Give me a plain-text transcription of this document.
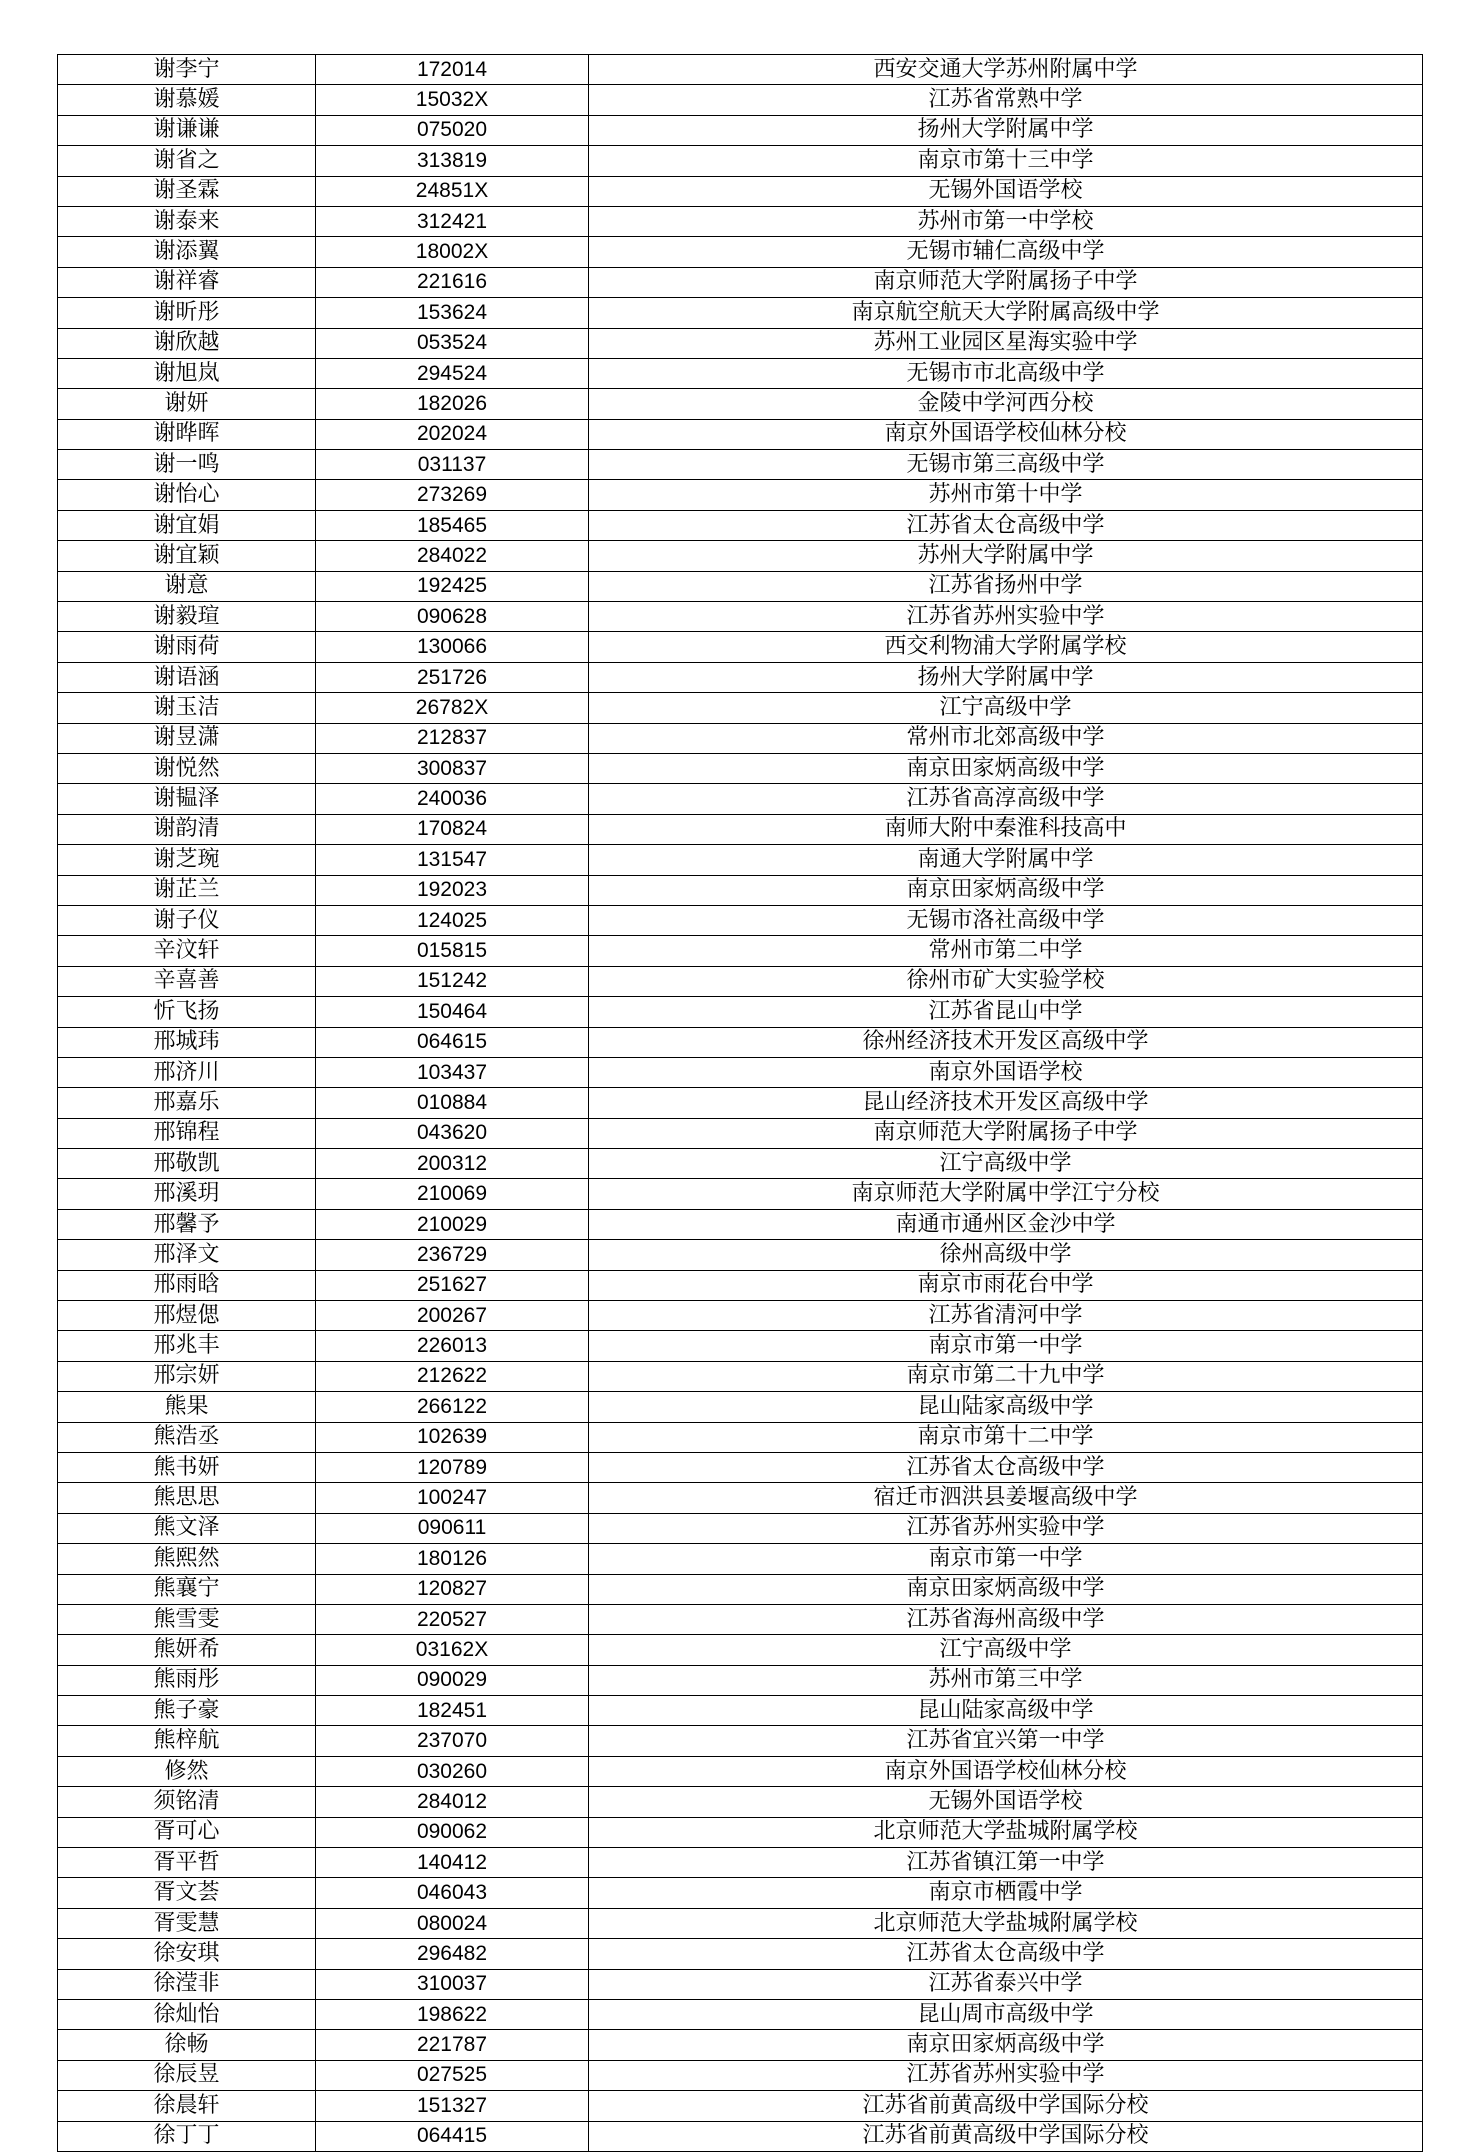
谢李宁	172014	西安交通大学苏州附属中学
谢慕媛	15032X	江苏省常熟中学
谢谦谦	075020	扬州大学附属中学
谢省之	313819	南京市第十三中学
谢圣霖	24851X	无锡外国语学校
谢泰来	312421	苏州市第一中学校
谢添翼	18002X	无锡市辅仁高级中学
谢祥睿	221616	南京师范大学附属扬子中学
谢昕彤	153624	南京航空航天大学附属高级中学
谢欣越	053524	苏州工业园区星海实验中学
谢旭岚	294524	无锡市市北高级中学
谢妍	182026	金陵中学河西分校
谢晔晖	202024	南京外国语学校仙林分校
谢一鸣	031137	无锡市第三高级中学
谢怡心	273269	苏州市第十中学
谢宜娟	185465	江苏省太仓高级中学
谢宜颖	284022	苏州大学附属中学
谢意	192425	江苏省扬州中学
谢毅瑄	090628	江苏省苏州实验中学
谢雨荷	130066	西交利物浦大学附属学校
谢语涵	251726	扬州大学附属中学
谢玉洁	26782X	江宁高级中学
谢昱潇	212837	常州市北郊高级中学
谢悦然	300837	南京田家炳高级中学
谢韫泽	240036	江苏省高淳高级中学
谢韵清	170824	南师大附中秦淮科技高中
谢芝琬	131547	南通大学附属中学
谢芷兰	192023	南京田家炳高级中学
谢子仪	124025	无锡市洛社高级中学
辛汶轩	015815	常州市第二中学
辛喜善	151242	徐州市矿大实验学校
忻飞扬	150464	江苏省昆山中学
邢城玮	064615	徐州经济技术开发区高级中学
邢济川	103437	南京外国语学校
邢嘉乐	010884	昆山经济技术开发区高级中学
邢锦程	043620	南京师范大学附属扬子中学
邢敬凯	200312	江宁高级中学
邢溪玥	210069	南京师范大学附属中学江宁分校
邢馨予	210029	南通市通州区金沙中学
邢泽文	236729	徐州高级中学
邢雨晗	251627	南京市雨花台中学
邢煜偲	200267	江苏省清河中学
邢兆丰	226013	南京市第一中学
邢宗妍	212622	南京市第二十九中学
熊果	266122	昆山陆家高级中学
熊浩丞	102639	南京市第十二中学
熊书妍	120789	江苏省太仓高级中学
熊思思	100247	宿迁市泗洪县姜堰高级中学
熊文泽	090611	江苏省苏州实验中学
熊熙然	180126	南京市第一中学
熊襄宁	120827	南京田家炳高级中学
熊雪雯	220527	江苏省海州高级中学
熊妍希	03162X	江宁高级中学
熊雨彤	090029	苏州市第三中学
熊子豪	182451	昆山陆家高级中学
熊梓航	237070	江苏省宜兴第一中学
修然	030260	南京外国语学校仙林分校
须铭清	284012	无锡外国语学校
胥可心	090062	北京师范大学盐城附属学校
胥平哲	140412	江苏省镇江第一中学
胥文荟	046043	南京市栖霞中学
胥雯慧	080024	北京师范大学盐城附属学校
徐安琪	296482	江苏省太仓高级中学
徐滢非	310037	江苏省泰兴中学
徐灿怡	198622	昆山周市高级中学
徐畅	221787	南京田家炳高级中学
徐辰昱	027525	江苏省苏州实验中学
徐晨轩	151327	江苏省前黄高级中学国际分校
徐丁丁	064415	江苏省前黄高级中学国际分校
